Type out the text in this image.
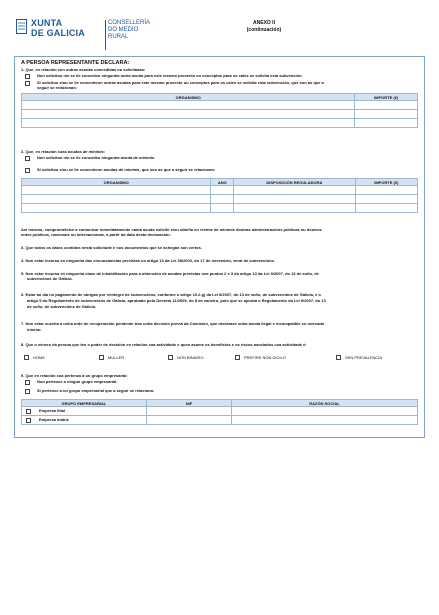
XUNTA
DE GALICIA
CONSELLERÍA
DO MEDIO
RURAL
ANEXO II
(continuación)
A PERSOA REPRESENTANTE DECLARA:
1. Que, en relación con outras axudas concedidas ou solicitadas:
Non solicitou nin se lle concedeu ningunha outra axuda para este mesmo proxecto ou conceptos para os cales se solicita esta subvención.
Si solicitou e/ou se lle concederon outras axudas para este mesmo proxecto ou conceptos para os cales se solicita esta subvención, que son as que a
seguir se relacionan:
ORGANISMO	IMPORTE (€)

2. Que, en relación coas axudas de minimis:
Non solicitou nin se lle concedeu ningunha axuda de minimis.
Si solicitou e/ou se lle concederon axudas de minimis, que son as que a seguir se relacionan:
ORGANISMO	ANO	DISPOSICIÓN REGULADORA	IMPORTE (€)

Así mesmo, compromételse a comunicar inmediatamente canta axuda solicite e/ou obteña en réxime de minimis doutras administracións públicas ou doutros
entes públicos, nacionais ou internacionais, a partir da data desta declaración.
3. Que todos os datos contidos nesta solicitude e nos documentos que se achegan son certos.
4. Non estar incursa en ningunha das circunstancias previstas no artigo 13 da Lei 38/2003, do 17 de novembro, xeral de subvencións.
5. Non estar incursa en ningunha clase de inhabilitación para a obtención de axudas previstas nos puntos 2 e 3 do artigo 10 da Lei 9/2007, do 13 de xuño, de
subvencións de Galicia.
6. Estar ao día no pagamento de obrigas por reintegro de subvencións, conforme o artigo 10.2.g) da Lei 9/2007, do 13 de xuño, de subvencións de Galicia, e o
artigo 9 do Regulamento de subvencións de Galicia, aprobado polo Decreto 11/2009, do 8 de xaneiro, polo que se aproba o Regulamento da Lei 9/2007, do 13
de xuño, de subvencións de Galicia.
7. Non estar suxeita a unha orde de recuperación pendente tras unha decisión previa da Comisión, que declarase unha axuda ilegal e incompatible co mercado
interior.
8. Que o xénero da persoa que ten o poder de decisión en relación coa actividade e quen asume os beneficios e os riscos asociados coa actividade é:
HOME	MULLER	NON BINARIO	PREFIRE NON DICILO	SEN PREVALENCIA
9. Que en relación coa pertenza a un grupo empresarial:
Non pertence a ningún grupo empresarial.
Si pertence a un grupo empresarial que a seguir se relaciona:
GRUPO EMPRESARIAL	NIF	RAZÓN SOCIAL
Empresa filial		
Empresa matriz		
